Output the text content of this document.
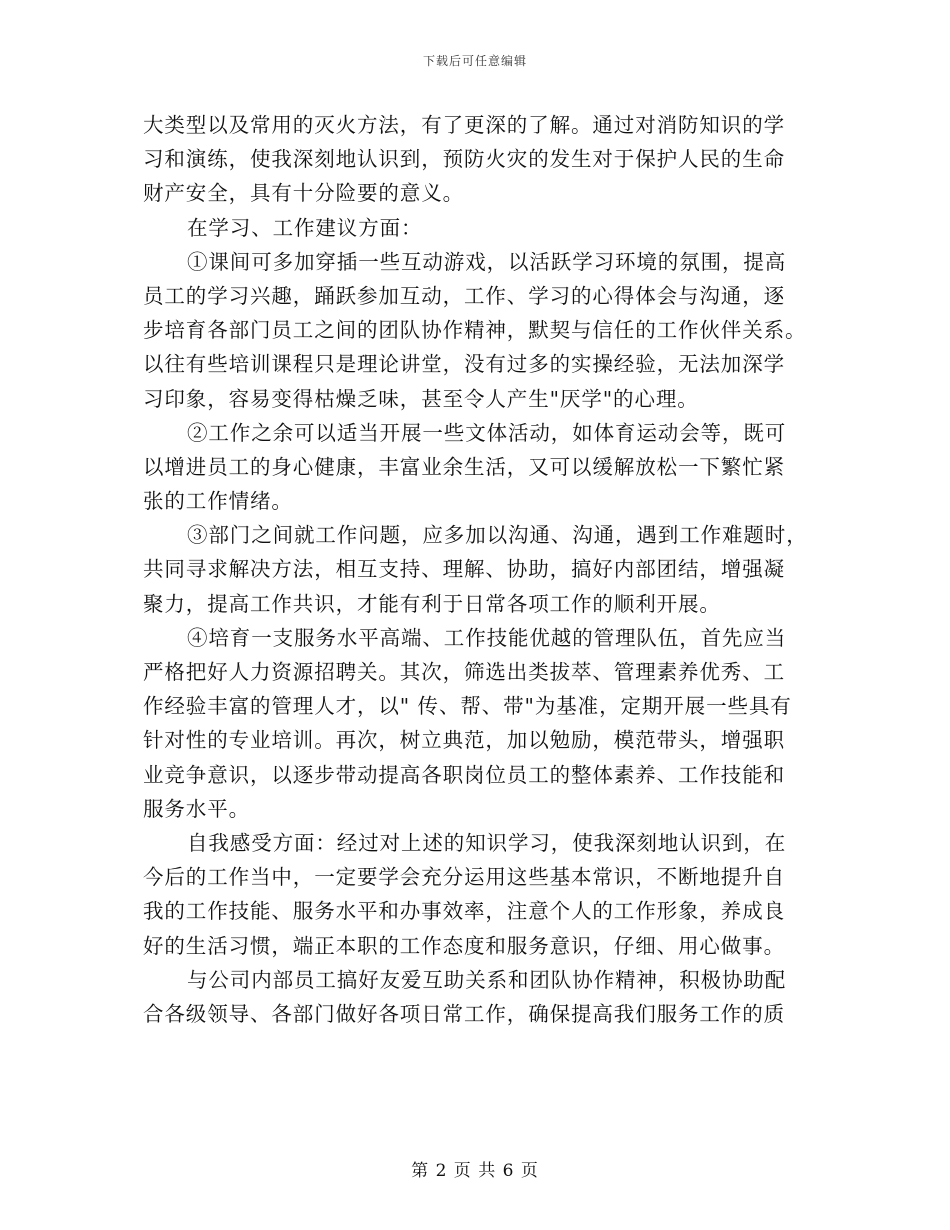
下载后可任意编辑
大类型以及常用的灭火方法，有了更深的了解。通过对消防知识的学
习和演练，使我深刻地认识到，预防火灾的发生对于保护人民的生命
财产安全，具有十分险要的意义。
在学习、工作建议方面：
①课间可多加穿插一些互动游戏，以活跃学习环境的氛围，提高
员工的学习兴趣，踊跃参加互动，工作、学习的心得体会与沟通，逐
步培育各部门员工之间的团队协作精神，默契与信任的工作伙伴关系。
以往有些培训课程只是理论讲堂，没有过多的实操经验，无法加深学
习印象，容易变得枯燥乏味，甚至令人产生"厌学"的心理。
②工作之余可以适当开展一些文体活动，如体育运动会等，既可
以增进员工的身心健康，丰富业余生活，又可以缓解放松一下繁忙紧
张的工作情绪。
③部门之间就工作问题，应多加以沟通、沟通，遇到工作难题时，
共同寻求解决方法，相互支持、理解、协助，搞好内部团结，增强凝
聚力，提高工作共识，才能有利于日常各项工作的顺利开展。
④培育一支服务水平高端、工作技能优越的管理队伍，首先应当
严格把好人力资源招聘关。其次，筛选出类拔萃、管理素养优秀、工
作经验丰富的管理人才，以" 传、帮、带"为基准，定期开展一些具有
针对性的专业培训。再次，树立典范，加以勉励，模范带头，增强职
业竞争意识，以逐步带动提高各职岗位员工的整体素养、工作技能和
服务水平。
自我感受方面：经过对上述的知识学习，使我深刻地认识到，在
今后的工作当中，一定要学会充分运用这些基本常识，不断地提升自
我的工作技能、服务水平和办事效率，注意个人的工作形象，养成良
好的生活习惯，端正本职的工作态度和服务意识，仔细、用心做事。
与公司内部员工搞好友爱互助关系和团队协作精神，积极协助配
合各级领导、各部门做好各项日常工作，确保提高我们服务工作的质
第 2 页 共 6 页
